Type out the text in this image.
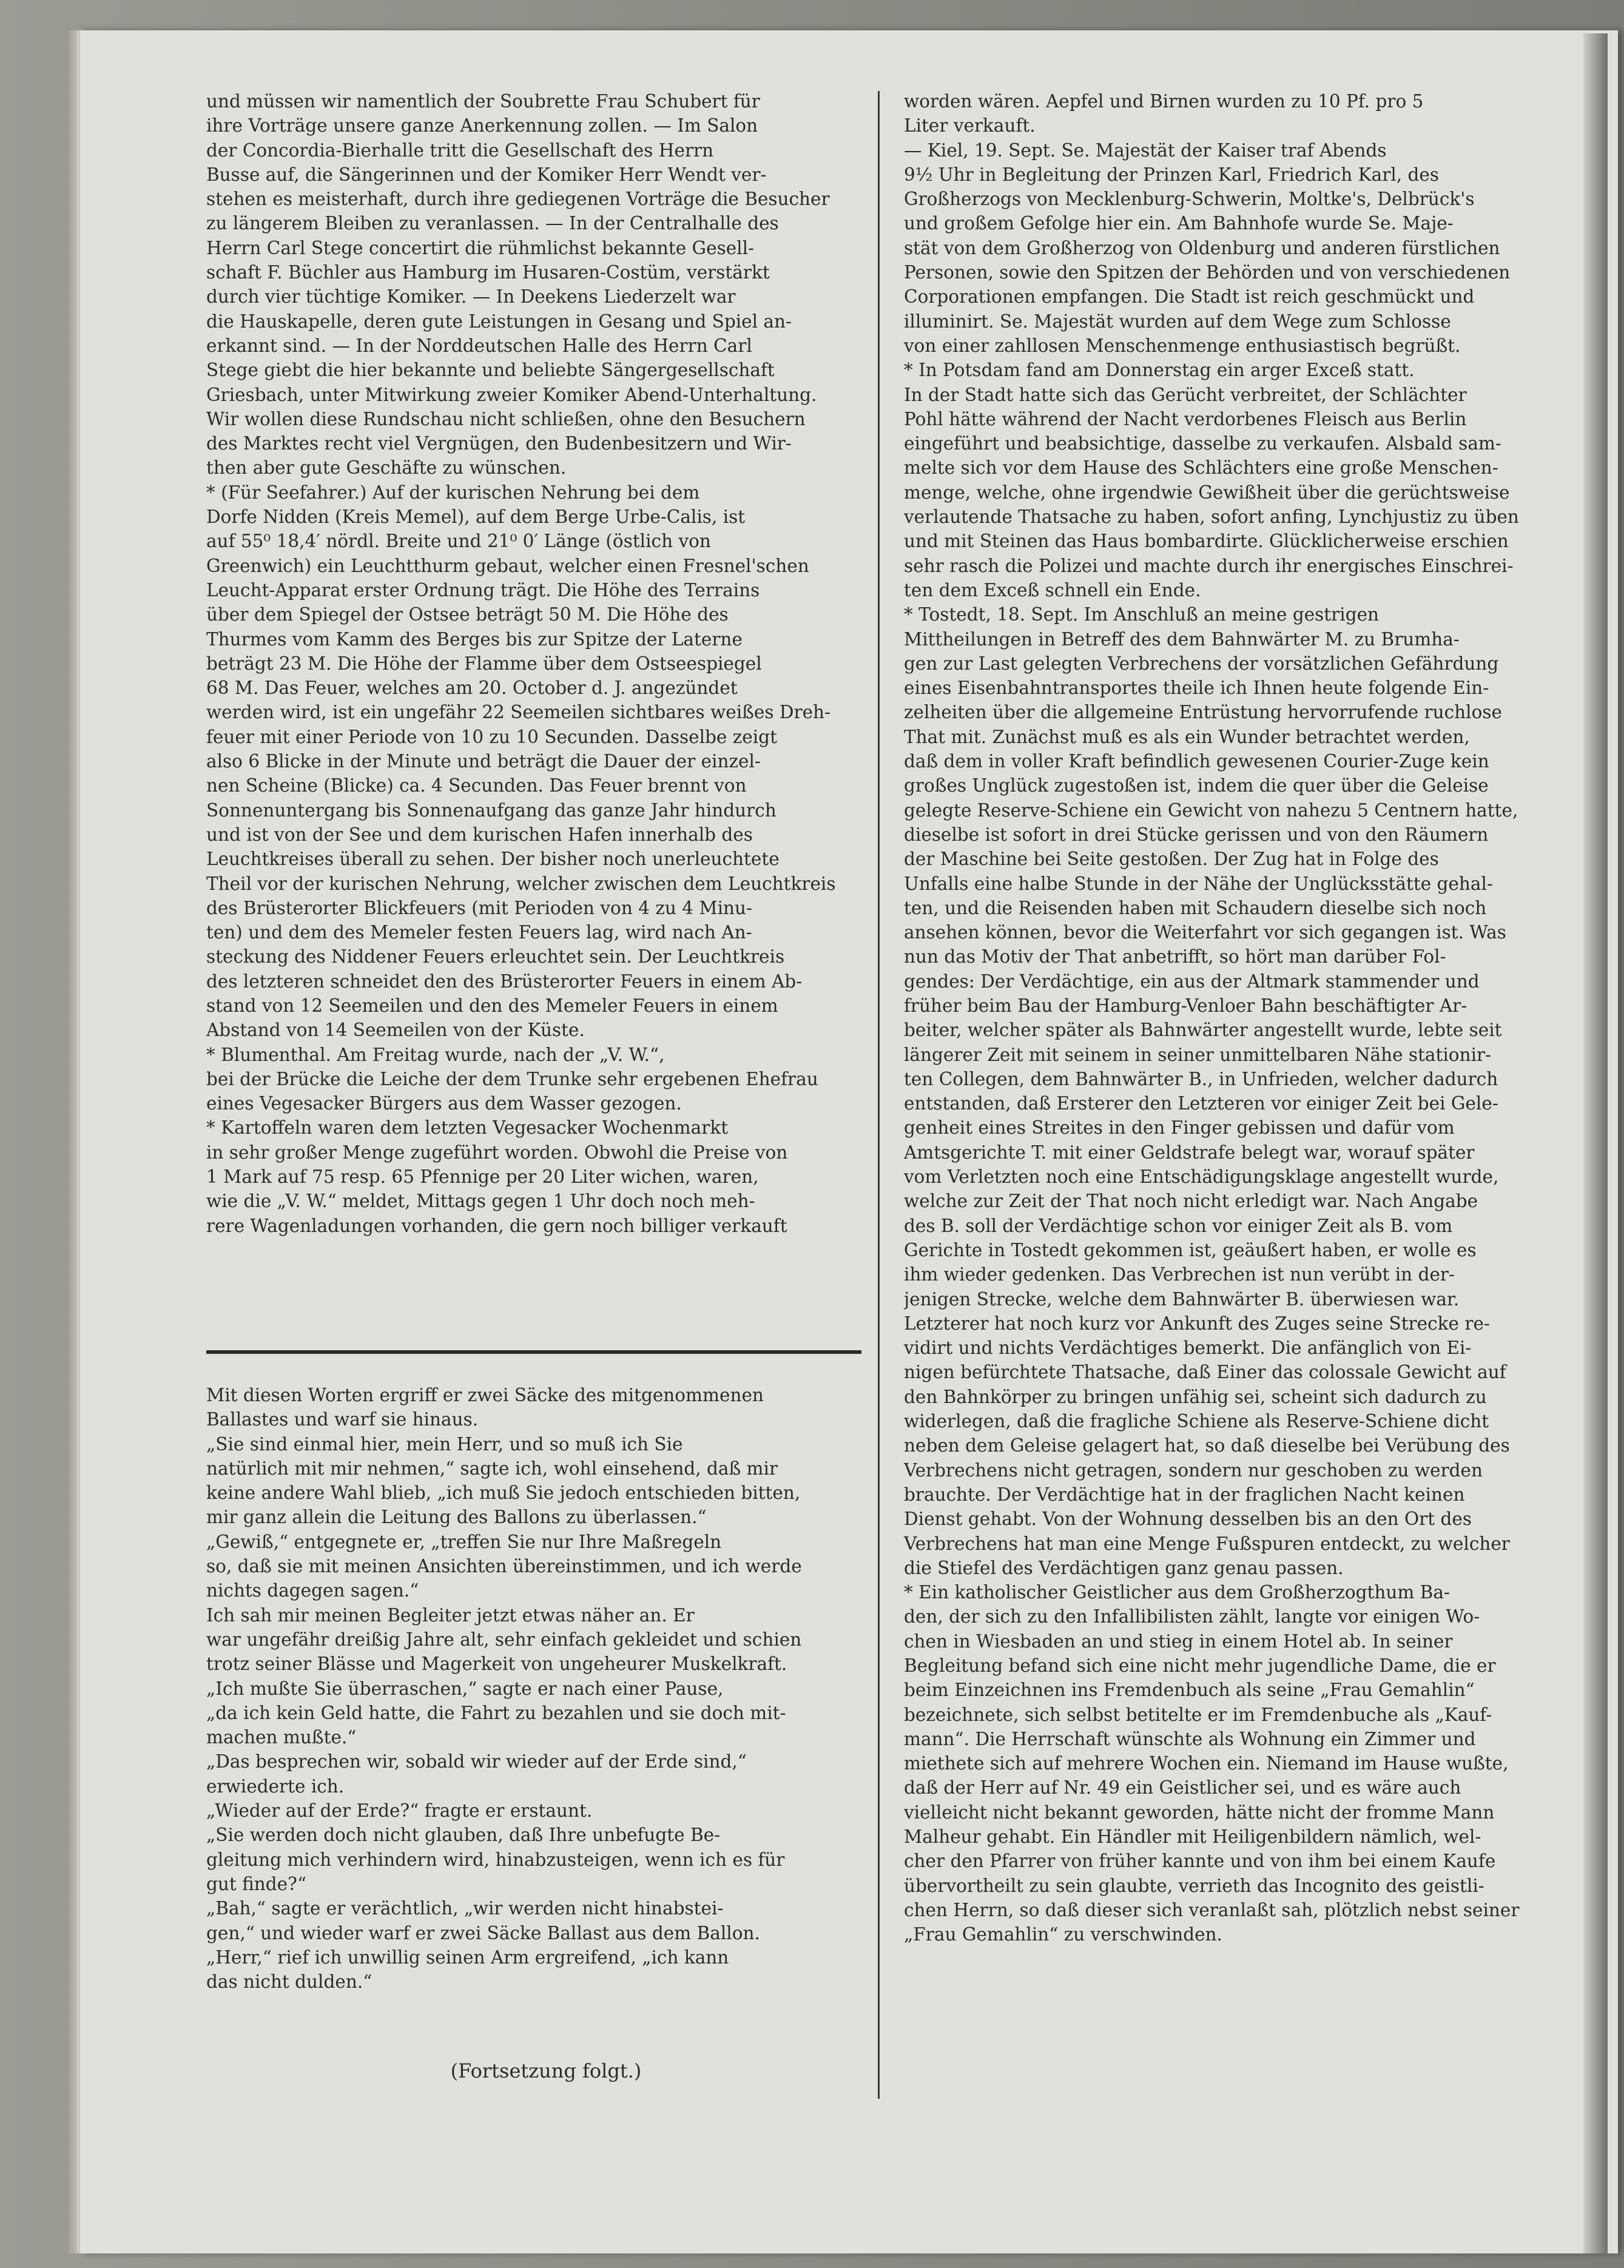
und müssen wir namentlich der Soubrette Frau Schubert für
ihre Vorträge unsere ganze Anerkennung zollen. — Im Salon
der Concordia-Bierhalle tritt die Gesellschaft des Herrn
Busse auf, die Sängerinnen und der Komiker Herr Wendt ver-
stehen es meisterhaft, durch ihre gediegenen Vorträge die Besucher
zu längerem Bleiben zu veranlassen. — In der Centralhalle des
Herrn Carl Stege concertirt die rühmlichst bekannte Gesell-
schaft F. Büchler aus Hamburg im Husaren-Costüm, verstärkt
durch vier tüchtige Komiker. — In Deekens Liederzelt war
die Hauskapelle, deren gute Leistungen in Gesang und Spiel an-
erkannt sind. — In der Norddeutschen Halle des Herrn Carl
Stege giebt die hier bekannte und beliebte Sängergesellschaft
Griesbach, unter Mitwirkung zweier Komiker Abend-Unterhaltung.
Wir wollen diese Rundschau nicht schließen, ohne den Besuchern
des Marktes recht viel Vergnügen, den Budenbesitzern und Wir-
then aber gute Geschäfte zu wünschen.
* (Für Seefahrer.) Auf der kurischen Nehrung bei dem
Dorfe Nidden (Kreis Memel), auf dem Berge Urbe-Calis, ist
auf 55⁰ 18,4′ nördl. Breite und 21⁰ 0′ Länge (östlich von
Greenwich) ein Leuchtthurm gebaut, welcher einen Fresnel'schen
Leucht-Apparat erster Ordnung trägt. Die Höhe des Terrains
über dem Spiegel der Ostsee beträgt 50 M. Die Höhe des
Thurmes vom Kamm des Berges bis zur Spitze der Laterne
beträgt 23 M. Die Höhe der Flamme über dem Ostseespiegel
68 M. Das Feuer, welches am 20. October d. J. angezündet
werden wird, ist ein ungefähr 22 Seemeilen sichtbares weißes Dreh-
feuer mit einer Periode von 10 zu 10 Secunden. Dasselbe zeigt
also 6 Blicke in der Minute und beträgt die Dauer der einzel-
nen Scheine (Blicke) ca. 4 Secunden. Das Feuer brennt von
Sonnenuntergang bis Sonnenaufgang das ganze Jahr hindurch
und ist von der See und dem kurischen Hafen innerhalb des
Leuchtkreises überall zu sehen. Der bisher noch unerleuchtete
Theil vor der kurischen Nehrung, welcher zwischen dem Leuchtkreis
des Brüsterorter Blickfeuers (mit Perioden von 4 zu 4 Minu-
ten) und dem des Memeler festen Feuers lag, wird nach An-
steckung des Niddener Feuers erleuchtet sein. Der Leuchtkreis
des letzteren schneidet den des Brüsterorter Feuers in einem Ab-
stand von 12 Seemeilen und den des Memeler Feuers in einem
Abstand von 14 Seemeilen von der Küste.
* Blumenthal. Am Freitag wurde, nach der „V. W.“,
bei der Brücke die Leiche der dem Trunke sehr ergebenen Ehefrau
eines Vegesacker Bürgers aus dem Wasser gezogen.
* Kartoffeln waren dem letzten Vegesacker Wochenmarkt
in sehr großer Menge zugeführt worden. Obwohl die Preise von
1 Mark auf 75 resp. 65 Pfennige per 20 Liter wichen, waren,
wie die „V. W.“ meldet, Mittags gegen 1 Uhr doch noch meh-
rere Wagenladungen vorhanden, die gern noch billiger verkauft
Mit diesen Worten ergriff er zwei Säcke des mitgenommenen
Ballastes und warf sie hinaus.
„Sie sind einmal hier, mein Herr, und so muß ich Sie
natürlich mit mir nehmen,“ sagte ich, wohl einsehend, daß mir
keine andere Wahl blieb, „ich muß Sie jedoch entschieden bitten,
mir ganz allein die Leitung des Ballons zu überlassen.“
„Gewiß,“ entgegnete er, „treffen Sie nur Ihre Maßregeln
so, daß sie mit meinen Ansichten übereinstimmen, und ich werde
nichts dagegen sagen.“
Ich sah mir meinen Begleiter jetzt etwas näher an. Er
war ungefähr dreißig Jahre alt, sehr einfach gekleidet und schien
trotz seiner Blässe und Magerkeit von ungeheurer Muskelkraft.
„Ich mußte Sie überraschen,“ sagte er nach einer Pause,
„da ich kein Geld hatte, die Fahrt zu bezahlen und sie doch mit-
machen mußte.“
„Das besprechen wir, sobald wir wieder auf der Erde sind,“
erwiederte ich.
„Wieder auf der Erde?“ fragte er erstaunt.
„Sie werden doch nicht glauben, daß Ihre unbefugte Be-
gleitung mich verhindern wird, hinabzusteigen, wenn ich es für
gut finde?“
„Bah,“ sagte er verächtlich, „wir werden nicht hinabstei-
gen,“ und wieder warf er zwei Säcke Ballast aus dem Ballon.
„Herr,“ rief ich unwillig seinen Arm ergreifend, „ich kann
das nicht dulden.“
(Fortsetzung folgt.)
worden wären. Aepfel und Birnen wurden zu 10 Pf. pro 5
Liter verkauft.
— Kiel, 19. Sept. Se. Majestät der Kaiser traf Abends
9½ Uhr in Begleitung der Prinzen Karl, Friedrich Karl, des
Großherzogs von Mecklenburg-Schwerin, Moltke's, Delbrück's
und großem Gefolge hier ein. Am Bahnhofe wurde Se. Maje-
stät von dem Großherzog von Oldenburg und anderen fürstlichen
Personen, sowie den Spitzen der Behörden und von verschiedenen
Corporationen empfangen. Die Stadt ist reich geschmückt und
illuminirt. Se. Majestät wurden auf dem Wege zum Schlosse
von einer zahllosen Menschenmenge enthusiastisch begrüßt.
* In Potsdam fand am Donnerstag ein arger Exceß statt.
In der Stadt hatte sich das Gerücht verbreitet, der Schlächter
Pohl hätte während der Nacht verdorbenes Fleisch aus Berlin
eingeführt und beabsichtige, dasselbe zu verkaufen. Alsbald sam-
melte sich vor dem Hause des Schlächters eine große Menschen-
menge, welche, ohne irgendwie Gewißheit über die gerüchtsweise
verlautende Thatsache zu haben, sofort anfing, Lynchjustiz zu üben
und mit Steinen das Haus bombardirte. Glücklicherweise erschien
sehr rasch die Polizei und machte durch ihr energisches Einschrei-
ten dem Exceß schnell ein Ende.
* Tostedt, 18. Sept. Im Anschluß an meine gestrigen
Mittheilungen in Betreff des dem Bahnwärter M. zu Brumha-
gen zur Last gelegten Verbrechens der vorsätzlichen Gefährdung
eines Eisenbahntransportes theile ich Ihnen heute folgende Ein-
zelheiten über die allgemeine Entrüstung hervorrufende ruchlose
That mit. Zunächst muß es als ein Wunder betrachtet werden,
daß dem in voller Kraft befindlich gewesenen Courier-Zuge kein
großes Unglück zugestoßen ist, indem die quer über die Geleise
gelegte Reserve-Schiene ein Gewicht von nahezu 5 Centnern hatte,
dieselbe ist sofort in drei Stücke gerissen und von den Räumern
der Maschine bei Seite gestoßen. Der Zug hat in Folge des
Unfalls eine halbe Stunde in der Nähe der Unglücksstätte gehal-
ten, und die Reisenden haben mit Schaudern dieselbe sich noch
ansehen können, bevor die Weiterfahrt vor sich gegangen ist. Was
nun das Motiv der That anbetrifft, so hört man darüber Fol-
gendes: Der Verdächtige, ein aus der Altmark stammender und
früher beim Bau der Hamburg-Venloer Bahn beschäftigter Ar-
beiter, welcher später als Bahnwärter angestellt wurde, lebte seit
längerer Zeit mit seinem in seiner unmittelbaren Nähe stationir-
ten Collegen, dem Bahnwärter B., in Unfrieden, welcher dadurch
entstanden, daß Ersterer den Letzteren vor einiger Zeit bei Gele-
genheit eines Streites in den Finger gebissen und dafür vom
Amtsgerichte T. mit einer Geldstrafe belegt war, worauf später
vom Verletzten noch eine Entschädigungsklage angestellt wurde,
welche zur Zeit der That noch nicht erledigt war. Nach Angabe
des B. soll der Verdächtige schon vor einiger Zeit als B. vom
Gerichte in Tostedt gekommen ist, geäußert haben, er wolle es
ihm wieder gedenken. Das Verbrechen ist nun verübt in der-
jenigen Strecke, welche dem Bahnwärter B. überwiesen war.
Letzterer hat noch kurz vor Ankunft des Zuges seine Strecke re-
vidirt und nichts Verdächtiges bemerkt. Die anfänglich von Ei-
nigen befürchtete Thatsache, daß Einer das colossale Gewicht auf
den Bahnkörper zu bringen unfähig sei, scheint sich dadurch zu
widerlegen, daß die fragliche Schiene als Reserve-Schiene dicht
neben dem Geleise gelagert hat, so daß dieselbe bei Verübung des
Verbrechens nicht getragen, sondern nur geschoben zu werden
brauchte. Der Verdächtige hat in der fraglichen Nacht keinen
Dienst gehabt. Von der Wohnung desselben bis an den Ort des
Verbrechens hat man eine Menge Fußspuren entdeckt, zu welcher
die Stiefel des Verdächtigen ganz genau passen.
* Ein katholischer Geistlicher aus dem Großherzogthum Ba-
den, der sich zu den Infallibilisten zählt, langte vor einigen Wo-
chen in Wiesbaden an und stieg in einem Hotel ab. In seiner
Begleitung befand sich eine nicht mehr jugendliche Dame, die er
beim Einzeichnen ins Fremdenbuch als seine „Frau Gemahlin“
bezeichnete, sich selbst betitelte er im Fremdenbuche als „Kauf-
mann“. Die Herrschaft wünschte als Wohnung ein Zimmer und
miethete sich auf mehrere Wochen ein. Niemand im Hause wußte,
daß der Herr auf Nr. 49 ein Geistlicher sei, und es wäre auch
vielleicht nicht bekannt geworden, hätte nicht der fromme Mann
Malheur gehabt. Ein Händler mit Heiligenbildern nämlich, wel-
cher den Pfarrer von früher kannte und von ihm bei einem Kaufe
übervortheilt zu sein glaubte, verrieth das Incognito des geistli-
chen Herrn, so daß dieser sich veranlaßt sah, plötzlich nebst seiner
„Frau Gemahlin“ zu verschwinden.
